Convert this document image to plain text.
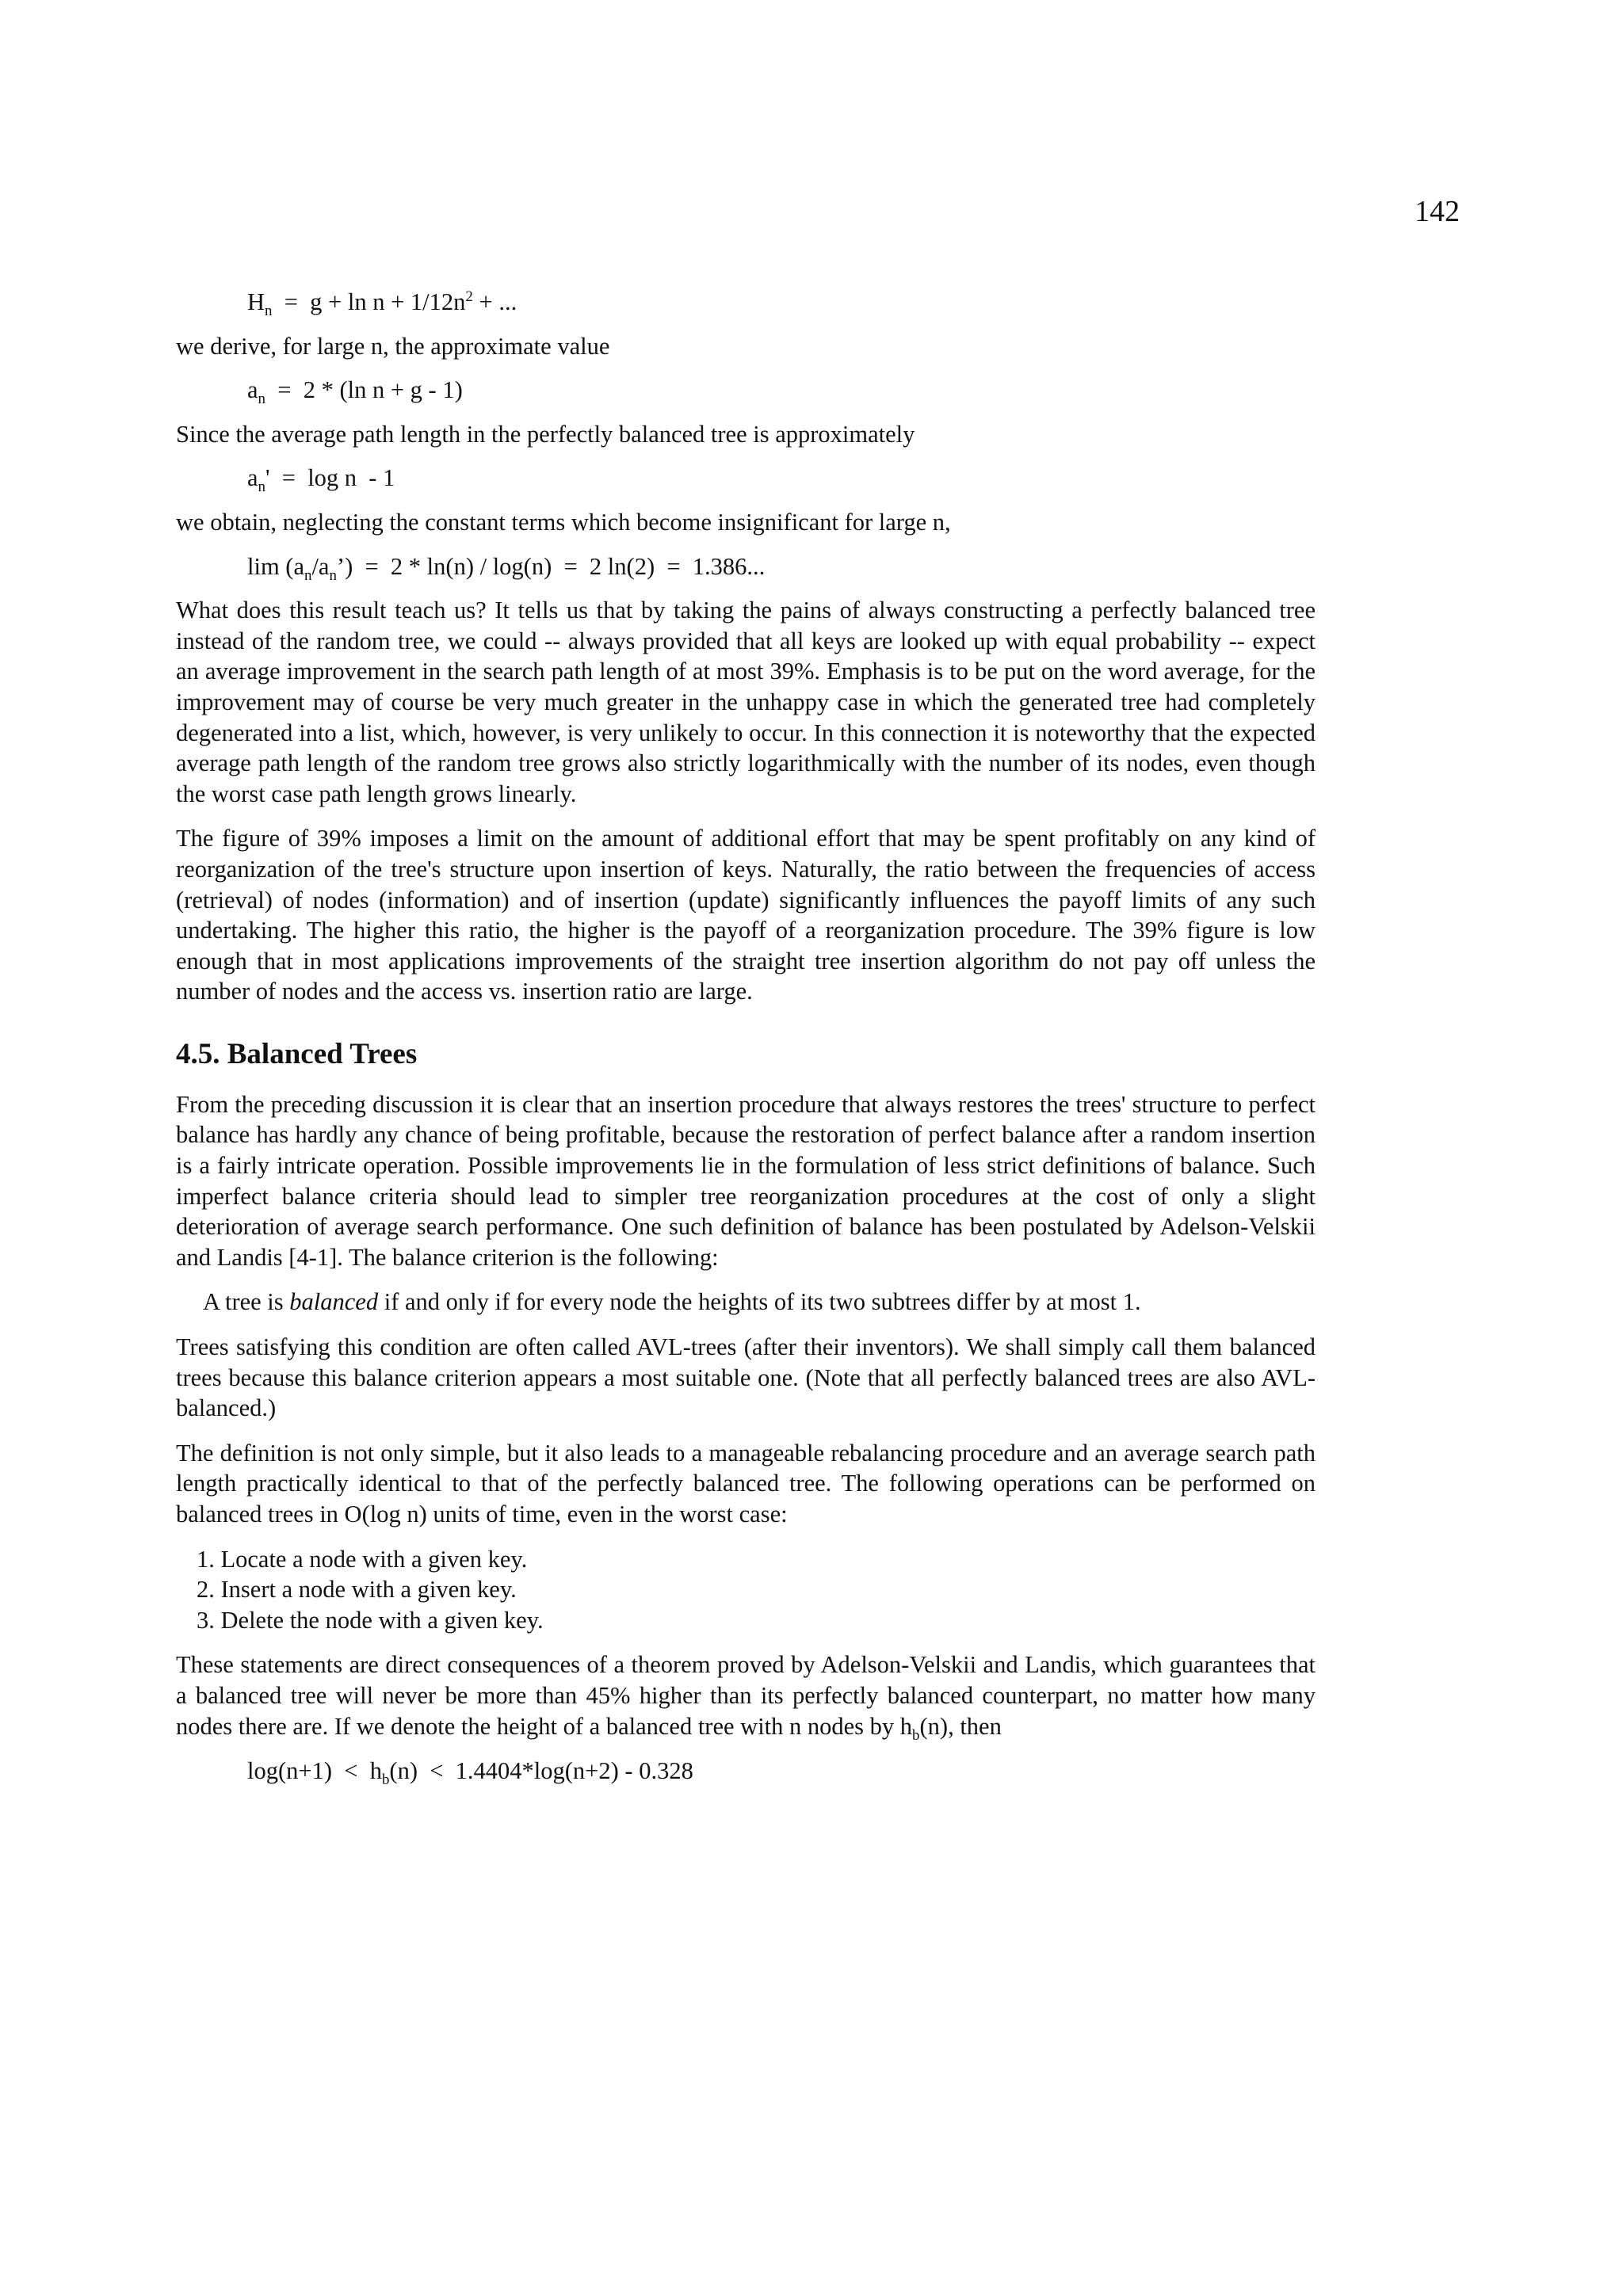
142
$H_n = g + \ln n + 1/12n^2$ + ...
we derive, for large n, the approximate value
$a_n = 2 * (\ln$ n + g - 1)
Since the average path length in the perfectly balanced tree is approximately
$a_n' = \log n - 1$
we obtain, neglecting the constant terms which become insignificant for large n,
$\lim (a_n/a_n’) = 2 * \ln(n) / \log(n) = 2$ ln(2)  =  1.386...

What does this result teach us? It tells us that by taking the pains of always constructing a perfectly balanced tree instead of the random tree, we could -- always provided that all keys are looked up with equal probability -- expect an average improvement in the search path length of at most 39%. Emphasis is to be put on the word average, for the improvement may of course be very much greater in the unhappy case in which the generated tree had completely degenerated into a list, which, however, is very unlikely to occur. In this connection it is noteworthy that the expected average path length of the random tree grows also strictly logarithmically with the number of its nodes, even though the worst case path length grows linearly.

The figure of 39% imposes a limit on the amount of additional effort that may be spent profitably on any kind of reorganization of the tree's structure upon insertion of keys. Naturally, the ratio between the frequencies of access (retrieval) of nodes (information) and of insertion (update) significantly influences the payoff limits of any such undertaking. The higher this ratio, the higher is the payoff of a reorganization procedure. The 39% figure is low enough that in most applications improvements of the straight tree insertion algorithm do not pay off unless the number of nodes and the access vs. insertion ratio are large.

4.5. Balanced Trees

From the preceding discussion it is clear that an insertion procedure that always restores the trees' structure to perfect balance has hardly any chance of being profitable, because the restoration of perfect balance after a random insertion is a fairly intricate operation. Possible improvements lie in the formulation of less strict definitions of balance. Such imperfect balance criteria should lead to simpler tree reorganization procedures at the cost of only a slight deterioration of average search performance. One such definition of balance has been postulated by Adelson-Velskii and Landis [4-1]. The balance criterion is the following:

A tree is balanced if and only if for every node the heights of its two subtrees differ by at most 1.

Trees satisfying this condition are often called AVL-trees (after their inventors). We shall simply call them balanced trees because this balance criterion appears a most suitable one. (Note that all perfectly balanced trees are also AVL-balanced.)

The definition is not only simple, but it also leads to a manageable rebalancing procedure and an average search path length practically identical to that of the perfectly balanced tree. The following operations can be performed on balanced trees in O(log n) units of time, even in the worst case:

1. Locate a node with a given key.
2. Insert a node with a given key.
3. Delete the node with a given key.

These statements are direct consequences of a theorem proved by Adelson-Velskii and Landis, which guarantees that a balanced tree will never be more than 45% higher than its perfectly balanced counterpart, no matter how many nodes there are. If we denote the height of a balanced tree with n nodes by $h_b(n)$, then

$\log(n+1) < h_b(n) < 1.4404*\log(n+2) - 0.328$
